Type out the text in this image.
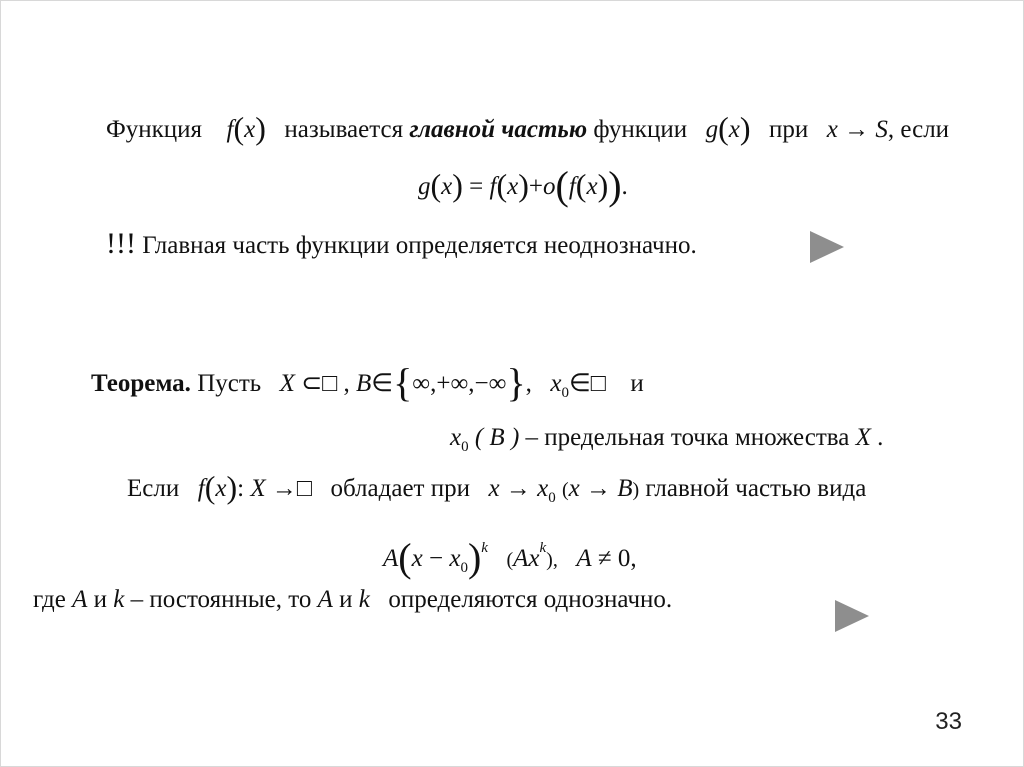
Функция f(x) называется главной частью функции g(x) при x → S, если
g(x) = f(x)+o(f(x)).
!!! Главная часть функции определяется неоднозначно.
Теорема. Пусть X ⊂□ , B∈{∞,+∞,−∞}, $x_0\in□$ и
$x_0$ ( B ) – предельная точка множества X .
Если f(x): X →□ обладает при $x \to x_0$ (x → B) главной частью вида
$A(x - x_0)^k$  (Ax$^k$), A ≠ 0,
где A и k – постоянные, то A и k определяются однозначно.
33
